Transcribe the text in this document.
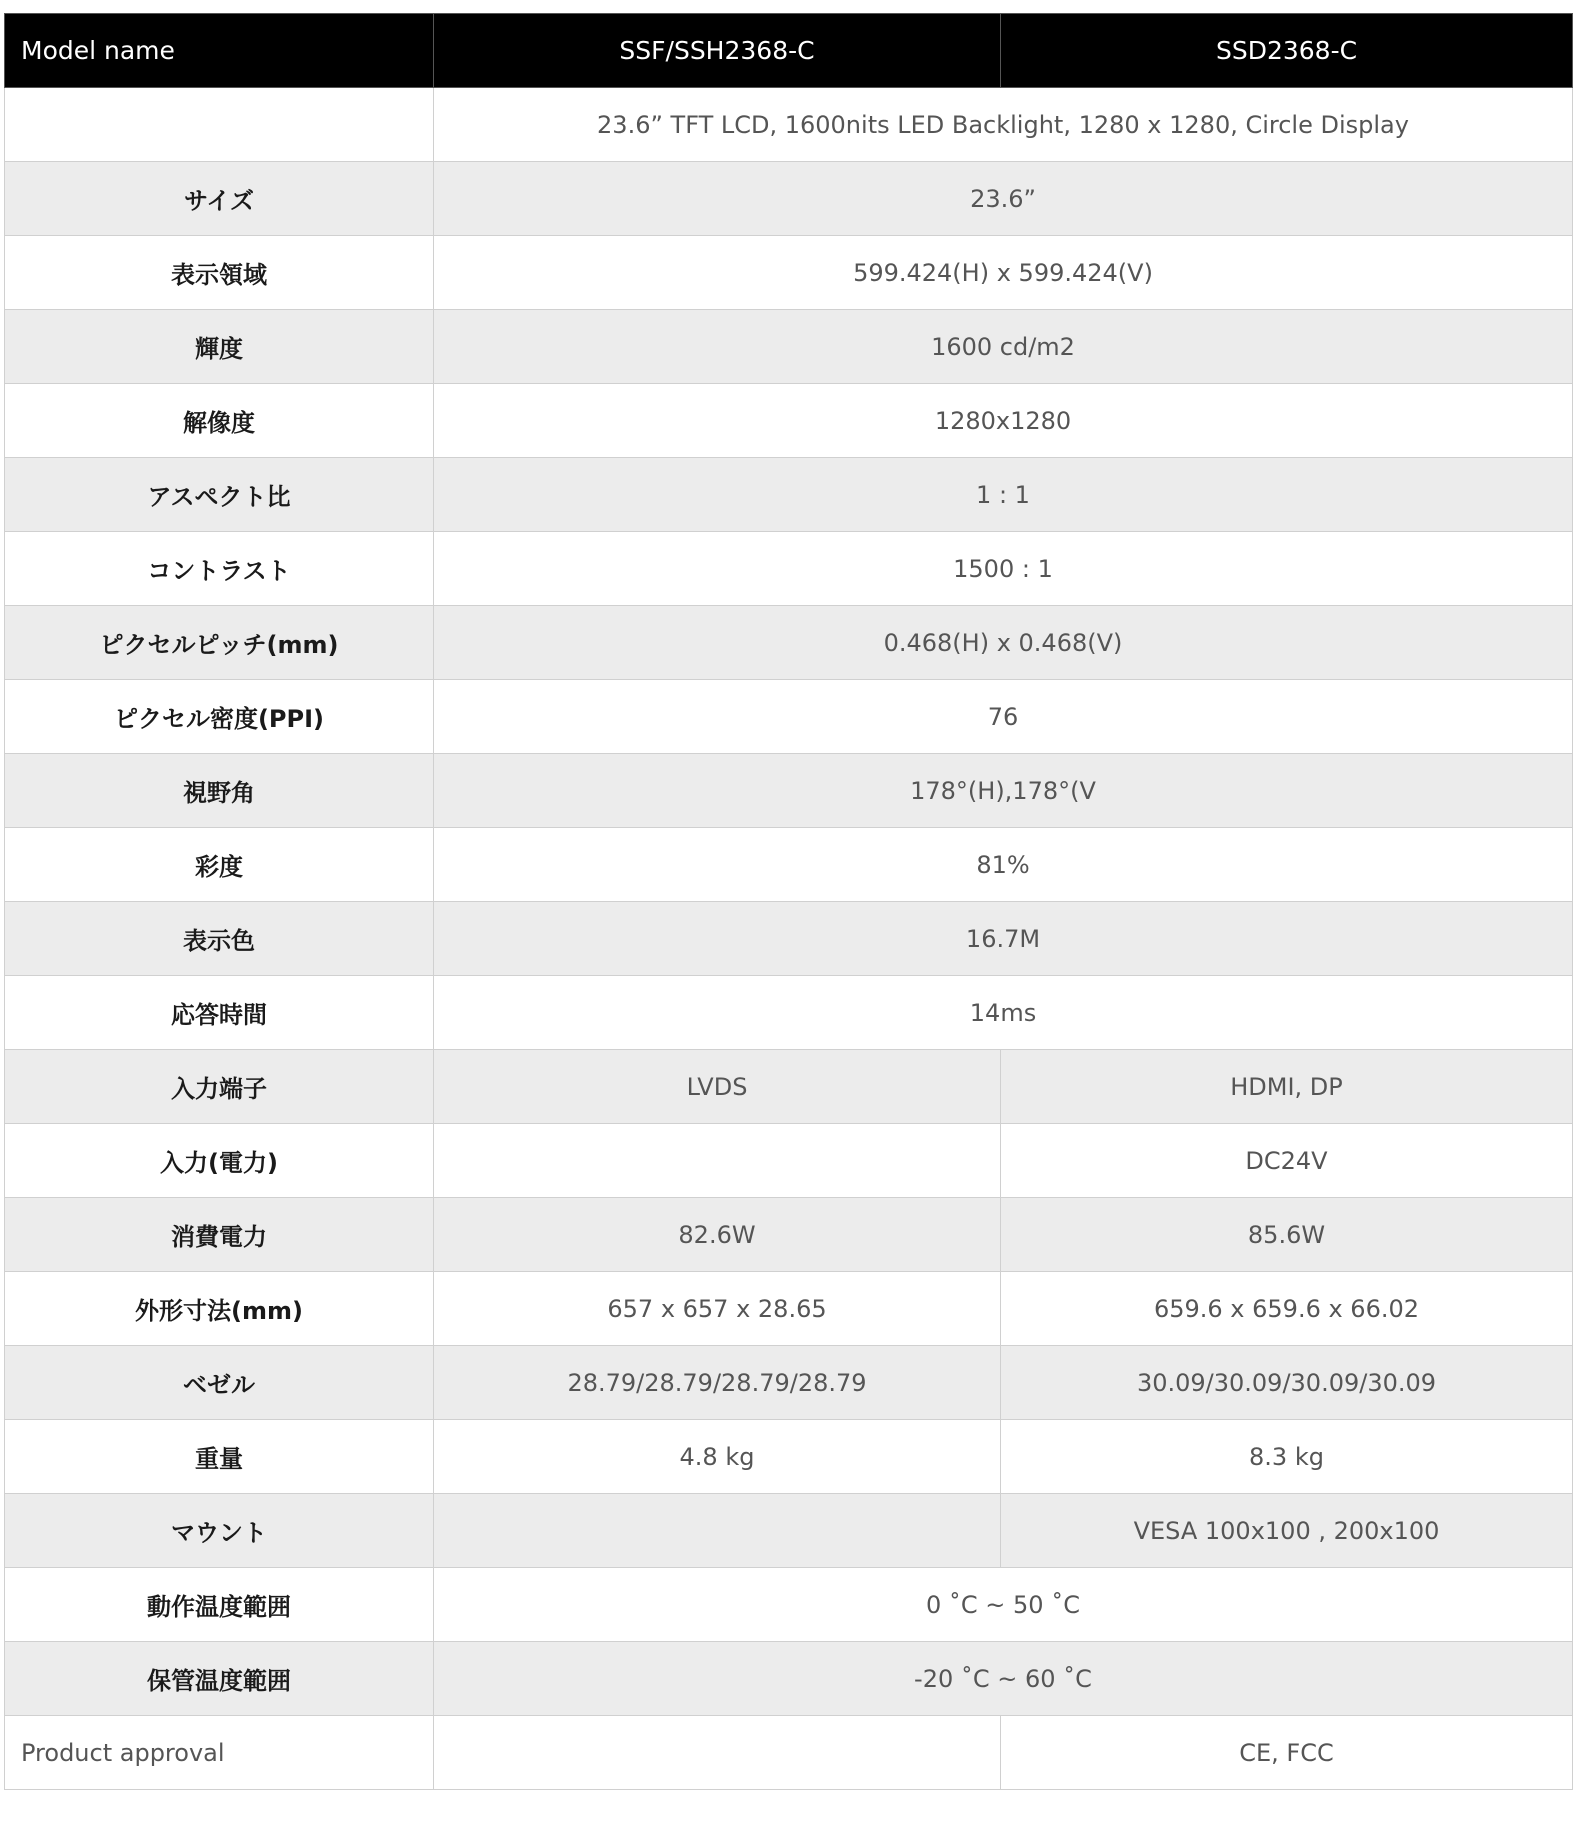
Model name	SSF/SSH2368-C	SSD2368-C
	23.6” TFT LCD, 1600nits LED Backlight, 1280 x 1280, Circle Display	
サイズ	23.6”	
表示領域	599.424(H) x 599.424(V)	
輝度	1600 cd/m2	
解像度	1280x1280	
アスペクト比	1 : 1	
コントラスト	1500 : 1	
ピクセルピッチ(mm)	0.468(H) x 0.468(V)	
ピクセル密度(PPI)	76	
視野角	178°(H),178°(V	
彩度	81%	
表示色	16.7M	
応答時間	14ms	
入力端子	LVDS	HDMI, DP
入力(電力)		DC24V
消費電力	82.6W	85.6W
外形寸法(mm)	657 x 657 x 28.65	659.6 x 659.6 x 66.02
ベゼル	28.79/28.79/28.79/28.79	30.09/30.09/30.09/30.09
重量	4.8 kg	8.3 kg
マウント		VESA 100x100 , 200x100
動作温度範囲	0 ˚C ~ 50 ˚C	
保管温度範囲	-20 ˚C ~ 60 ˚C	
Product approval		CE, FCC
